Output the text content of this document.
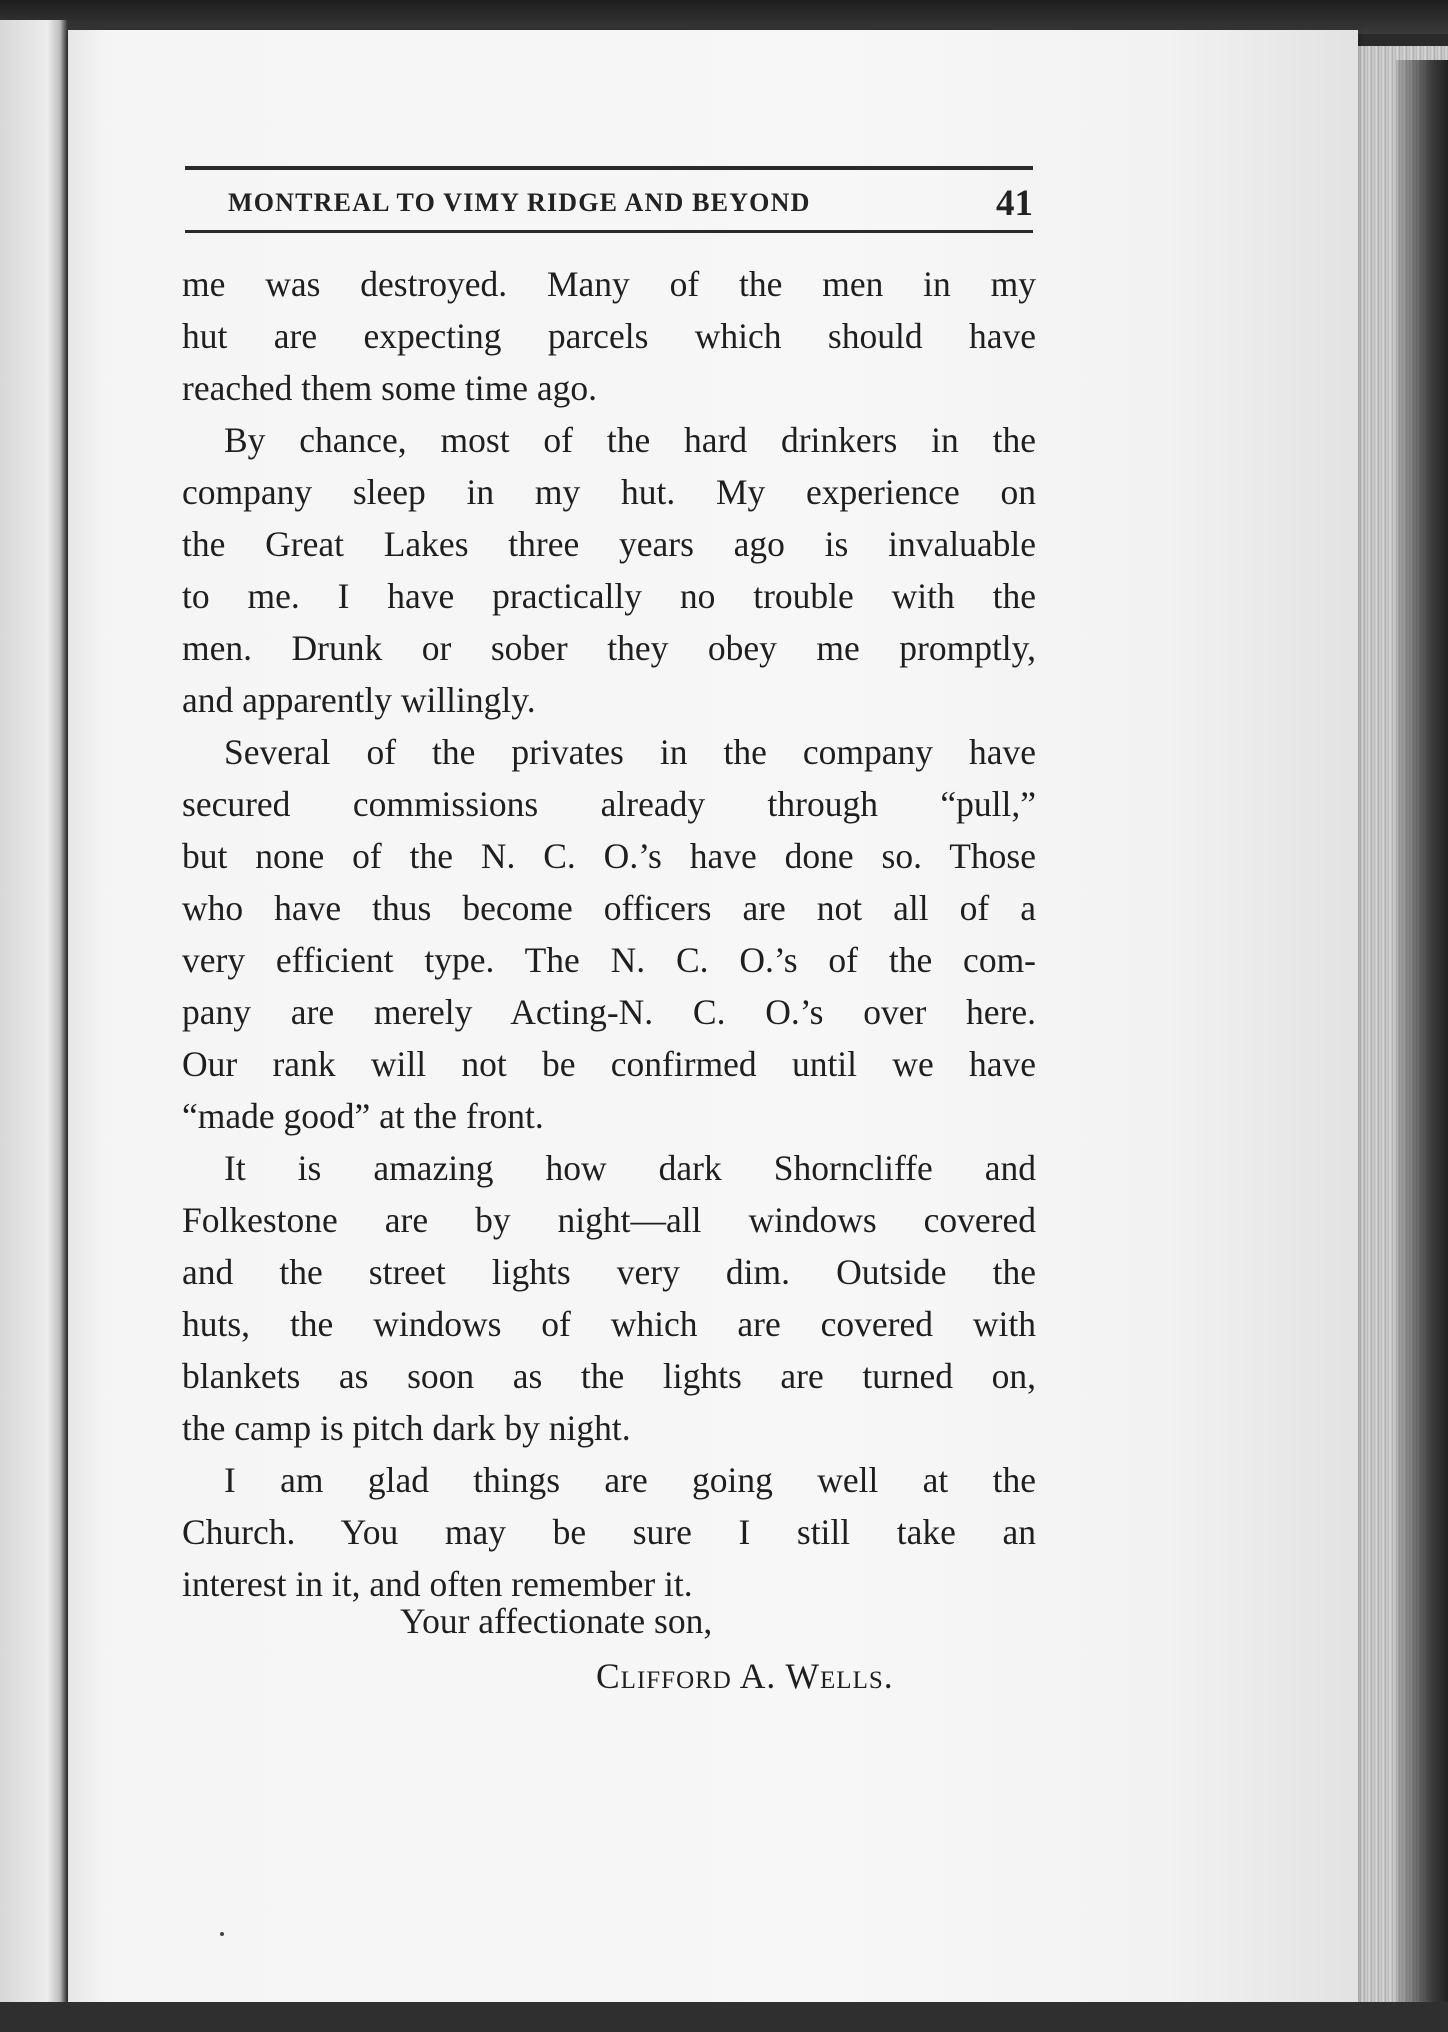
MONTREAL TO VIMY RIDGE AND BEYOND	41
me was destroyed. Many of the men in my
hut are expecting parcels which should have
reached them some time ago.
By chance, most of the hard drinkers in the
company sleep in my hut. My experience on
the Great Lakes three years ago is invaluable
to me. I have practically no trouble with the
men. Drunk or sober they obey me promptly,
and apparently willingly.
Several of the privates in the company have
secured commissions already through “pull,”
but none of the N. C. O.’s have done so. Those
who have thus become officers are not all of a
very efficient type. The N. C. O.’s of the com-
pany are merely Acting-N. C. O.’s over here.
Our rank will not be confirmed until we have
“made good” at the front.
It is amazing how dark Shorncliffe and
Folkestone are by night—all windows covered
and the street lights very dim. Outside the
huts, the windows of which are covered with
blankets as soon as the lights are turned on,
the camp is pitch dark by night.
I am glad things are going well at the
Church. You may be sure I still take an
interest in it, and often remember it.
Your affectionate son,
Clifford A. Wells.
